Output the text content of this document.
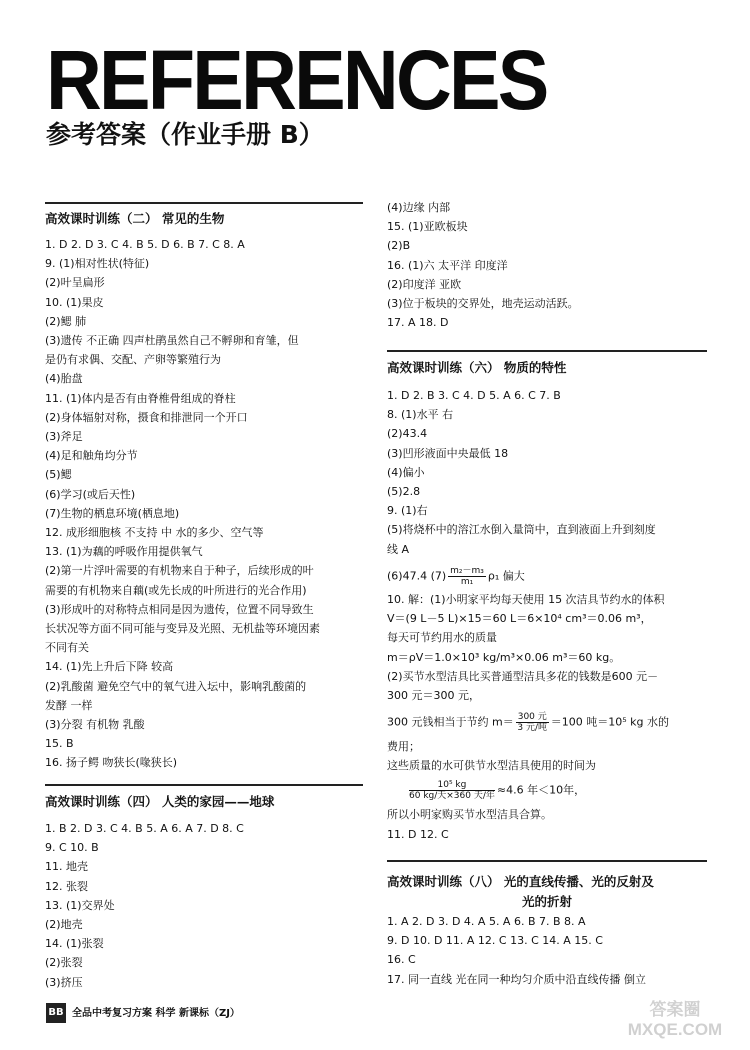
REFERENCES
参考答案（作业手册 B）
高效课时训练（二） 常见的生物
1. D 2. D 3. C 4. B 5. D 6. B 7. C 8. A
9. (1)相对性状(特征)
(2)叶呈扁形
10. (1)果皮
(2)鳃 肺
(3)遗传 不正确 四声杜鹃虽然自己不孵卵和育雏，但
是仍有求偶、交配、产卵等繁殖行为
(4)胎盘
11. (1)体内是否有由脊椎骨组成的脊柱
(2)身体辐射对称，摄食和排泄同一个开口
(3)斧足
(4)足和触角均分节
(5)鳃
(6)学习(或后天性)
(7)生物的栖息环境(栖息地)
12. 成形细胞核 不支持 中 水的多少、空气等
13. (1)为藕的呼吸作用提供氧气
(2)第一片浮叶需要的有机物来自于种子，后续形成的叶
需要的有机物来自藕(或先长成的叶所进行的光合作用)
(3)形成叶的对称特点相同是因为遗传，位置不同导致生
长状况等方面不同可能与变异及光照、无机盐等环境因素
不同有关
14. (1)先上升后下降 较高
(2)乳酸菌 避免空气中的氧气进入坛中，影响乳酸菌的
发酵 一样
(3)分裂 有机物 乳酸
15. B
16. 扬子鳄 吻狭长(喙狭长)
高效课时训练（四） 人类的家园——地球
1. B 2. D 3. C 4. B 5. A 6. A 7. D 8. C
9. C 10. B
11. 地壳
12. 张裂
13. (1)交界处
(2)地壳
14. (1)张裂
(2)张裂
(3)挤压
(4)边缘 内部
15. (1)亚欧板块
(2)B
16. (1)六 太平洋 印度洋
(2)印度洋 亚欧
(3)位于板块的交界处，地壳运动活跃。
17. A 18. D
高效课时训练（六） 物质的特性
1. D 2. B 3. C 4. D 5. A 6. C 7. B
8. (1)水平 右
(2)43.4
(3)凹形液面中央最低 18
(4)偏小
(5)2.8
9. (1)右
(5)将烧杯中的溶江水倒入量筒中，直到液面上升到刻度
线 A
(6)47.4 $(7) \frac{\text{m₂－m₃}}{\text{m₁}} \rho_1$ 偏大
10. 解：(1)小明家平均每天使用 15 次洁具节约水的体积
V＝(9 L－5 L)×15＝60 L＝6×10⁴ cm³＝0.06 m³，
每天可节约用水的质量
m＝ρV＝1.0×10³ kg/m³×0.06 m³＝60 kg。
(2)买节水型洁具比买普通型洁具多花的钱数是600 元－
300 元＝300 元，
300 元钱相当于节约 $m= \frac{\text{300 元}}{\text{3 元/吨}} =100$ 吨＝10⁵ kg 水的
费用；
这些质量的水可供节水型洁具使用的时间为
$\frac{\text{10⁵ kg}}{\text{60 kg/天×360 天/年}} \approx 4.6$ 年＜10年，
所以小明家购买节水型洁具合算。
11. D 12. C
高效课时训练（八） 光的直线传播、光的反射及
光的折射
1. A 2. D 3. D 4. A 5. A 6. B 7. B 8. A
9. D 10. D 11. A 12. C 13. C 14. A 15. C
16. C
17. 同一直线 光在同一种均匀介质中沿直线传播 倒立
BB 全品中考复习方案 科学 新课标（ZJ）	答案圈
MXQE.COM
